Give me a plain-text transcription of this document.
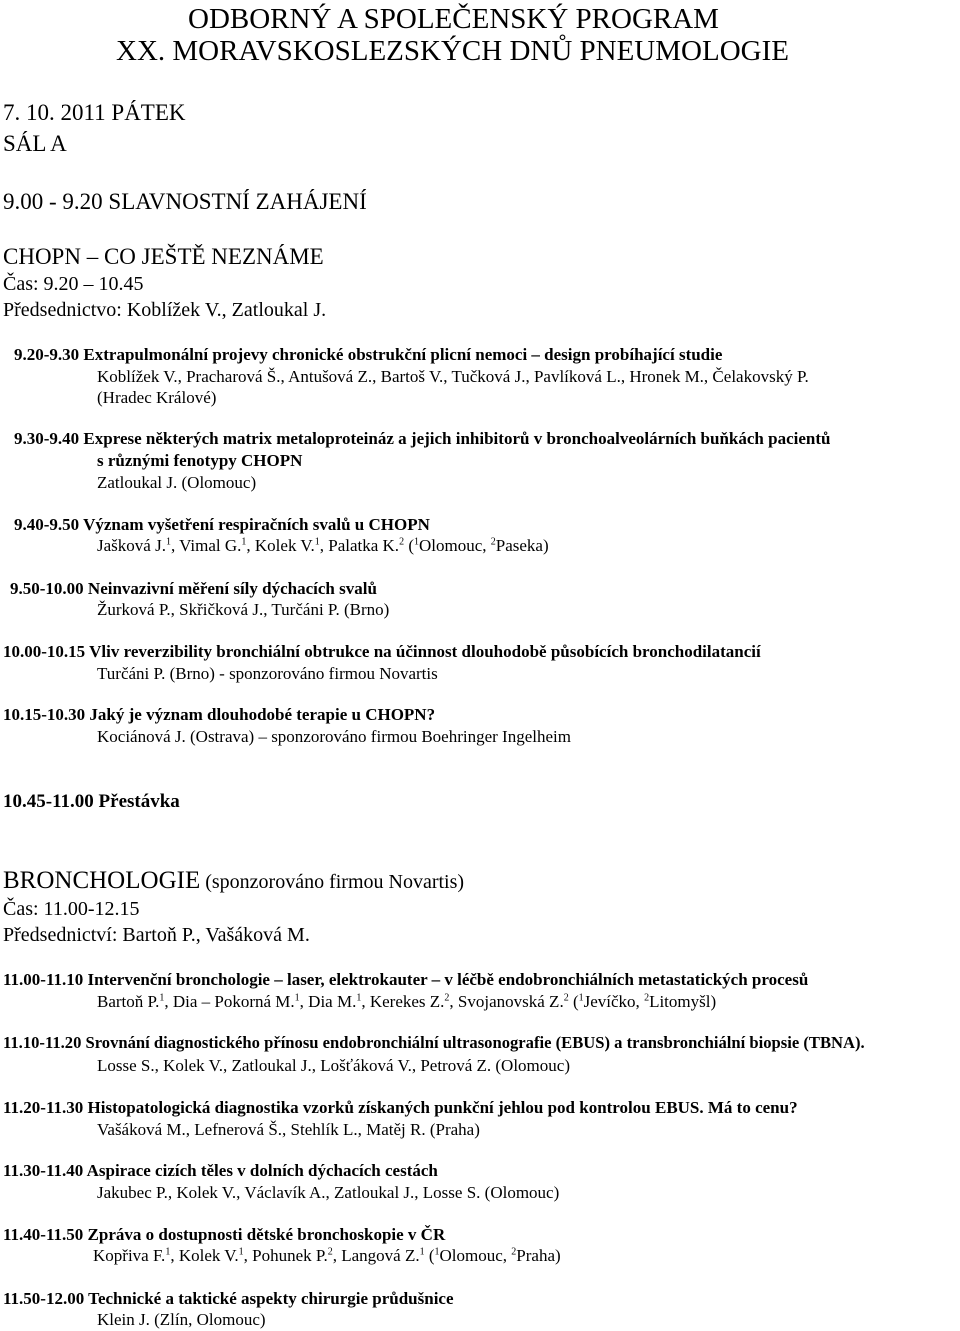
ODBORNÝ A SPOLEČENSKÝ PROGRAM
XX. MORAVSKOSLEZSKÝCH DNŮ PNEUMOLOGIE
7. 10. 2011 PÁTEK
SÁL A
9.00 - 9.20 SLAVNOSTNÍ ZAHÁJENÍ
CHOPN – CO JEŠTĚ NEZNÁME
Čas: 9.20 – 10.45
Předsednictvo: Koblížek V., Zatloukal J.
9.20-9.30 Extrapulmonální projevy chronické obstrukční plicní nemoci – design probíhající studie
Koblížek V., Pracharová Š., Antušová Z., Bartoš V., Tučková J., Pavlíková L., Hronek M., Čelakovský P.
(Hradec Králové)
9.30-9.40 Exprese některých matrix metaloproteináz a jejich inhibitorů v bronchoalveolárních buňkách pacientů
s různými fenotypy CHOPN
Zatloukal J. (Olomouc)
9.40-9.50 Význam vyšetření respiračních svalů u CHOPN
Jašková J.$^1$, Vimal G.$^1$, Kolek V.$^1$, Palatka K.$^2$ ($^1$Olomouc, $^2$Paseka)
9.50-10.00 Neinvazivní měření síly dýchacích svalů
Žurková P., Skřičková J., Turčáni P. (Brno)
10.00-10.15 Vliv reverzibility bronchiální obtrukce na účinnost dlouhodobě působících bronchodilatancií
Turčáni P. (Brno) - sponzorováno firmou Novartis
10.15-10.30 Jaký je význam dlouhodobé terapie u CHOPN?
Kociánová J. (Ostrava) – sponzorováno firmou Boehringer Ingelheim
10.45-11.00 Přestávka
BRONCHOLOGIE (sponzorováno firmou Novartis)
Čas: 11.00-12.15
Předsednictví: Bartoň P., Vašáková M.
11.00-11.10 Intervenční bronchologie – laser, elektrokauter – v léčbě endobronchiálních metastatických procesů
Bartoň P.$^1$, Dia – Pokorná M.$^1$, Dia M.$^1$, Kerekes Z.$^2$, Svojanovská Z.$^2$ ($^1$Jevíčko, $^2$Litomyšl)
11.10-11.20 Srovnání diagnostického přínosu endobronchiální ultrasonografie (EBUS) a transbronchiální biopsie (TBNA).
Losse S., Kolek V., Zatloukal J., Lošťáková V., Petrová Z. (Olomouc)
11.20-11.30 Histopatologická diagnostika vzorků získaných punkční jehlou pod kontrolou EBUS. Má to cenu?
Vašáková M., Lefnerová Š., Stehlík L., Matěj R. (Praha)
11.30-11.40 Aspirace cizích těles v dolních dýchacích cestách
Jakubec P., Kolek V., Václavík A., Zatloukal J., Losse S. (Olomouc)
11.40-11.50 Zpráva o dostupnosti dětské bronchoskopie v ČR
Kopřiva F.$^1$, Kolek V.$^1$, Pohunek P.$^2$, Langová Z.$^1$ ($^1$Olomouc, $^2$Praha)
11.50-12.00 Technické a taktické aspekty chirurgie průdušnice
Klein J. (Zlín, Olomouc)
